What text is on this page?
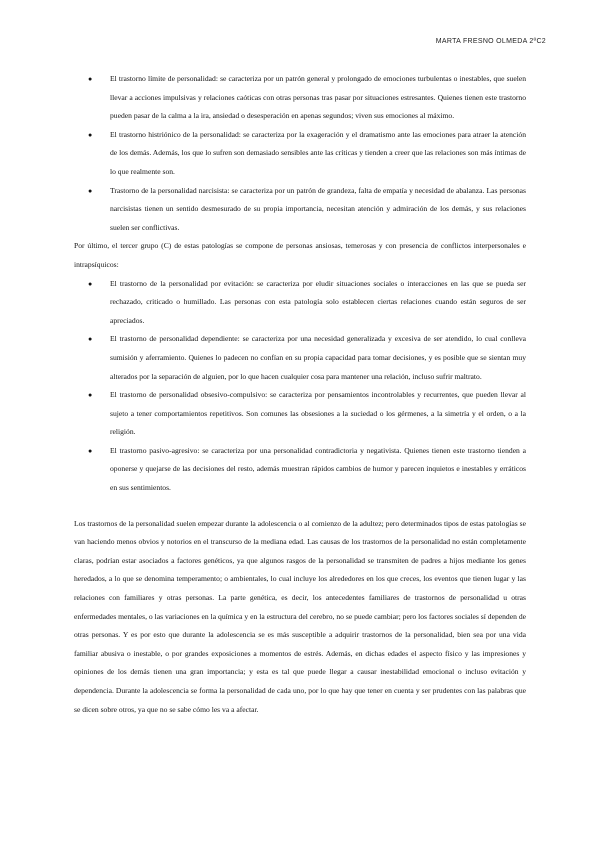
MARTA FRESNO OLMEDA 2ºC2
● El trastorno límite de personalidad: se caracteriza por un patrón general y prolongado de emociones turbulentas o inestables, que suelen llevar a acciones impulsivas y relaciones caóticas con otras personas tras pasar por situaciones estresantes. Quienes tienen este trastorno pueden pasar de la calma a la ira, ansiedad o desesperación en apenas segundos; viven sus emociones al máximo.
● El trastorno histriónico de la personalidad: se caracteriza por la exageración y el dramatismo ante las emociones para atraer la atención de los demás. Además, los que lo sufren son demasiado sensibles ante las críticas y tienden a creer que las relaciones son más íntimas de lo que realmente son.
● Trastorno de la personalidad narcisista: se caracteriza por un patrón de grandeza, falta de empatía y necesidad de abalanza. Las personas narcisistas tienen un sentido desmesurado de su propia importancia, necesitan atención y admiración de los demás, y sus relaciones suelen ser conflictivas.

Por último, el tercer grupo (C) de estas patologías se compone de personas ansiosas, temerosas y con presencia de conflictos interpersonales e intrapsíquicos:

● El trastorno de la personalidad por evitación: se caracteriza por eludir situaciones sociales o interacciones en las que se pueda ser rechazado, criticado o humillado. Las personas con esta patología solo establecen ciertas relaciones cuando están seguros de ser apreciados.
● El trastorno de personalidad dependiente: se caracteriza por una necesidad generalizada y excesiva de ser atendido, lo cual conlleva sumisión y aferramiento. Quienes lo padecen no confían en su propia capacidad para tomar decisiones, y es posible que se sientan muy alterados por la separación de alguien, por lo que hacen cualquier cosa para mantener una relación, incluso sufrir maltrato.
● El trastorno de personalidad obsesivo-compulsivo: se caracteriza por pensamientos incontrolables y recurrentes, que pueden llevar al sujeto a tener comportamientos repetitivos. Son comunes las obsesiones a la suciedad o los gérmenes, a la simetría y el orden, o a la religión.
● El trastorno pasivo-agresivo: se caracteriza por una personalidad contradictoria y negativista. Quienes tienen este trastorno tienden a oponerse y quejarse de las decisiones del resto, además muestran rápidos cambios de humor y parecen inquietos e inestables y erráticos en sus sentimientos.

Los trastornos de la personalidad suelen empezar durante la adolescencia o al comienzo de la adultez; pero determinados tipos de estas patologías se van haciendo menos obvios y notorios en el transcurso de la mediana edad. Las causas de los trastornos de la personalidad no están completamente claras, podrían estar asociados a factores genéticos, ya que algunos rasgos de la personalidad se transmiten de padres a hijos mediante los genes heredados, a lo que se denomina temperamento; o ambientales, lo cual incluye los alrededores en los que creces, los eventos que tienen lugar y las relaciones con familiares y otras personas. La parte genética, es decir, los antecedentes familiares de trastornos de personalidad u otras enfermedades mentales, o las variaciones en la química y en la estructura del cerebro, no se puede cambiar; pero los factores sociales sí dependen de otras personas. Y es por esto que durante la adolescencia se es más susceptible a adquirir trastornos de la personalidad, bien sea por una vida familiar abusiva o inestable, o por grandes exposiciones a momentos de estrés. Además, en dichas edades el aspecto físico y las impresiones y opiniones de los demás tienen una gran importancia; y esta es tal que puede llegar a causar inestabilidad emocional o incluso evitación y dependencia. Durante la adolescencia se forma la personalidad de cada uno, por lo que hay que tener en cuenta y ser prudentes con las palabras que se dicen sobre otros, ya que no se sabe cómo les va a afectar.
